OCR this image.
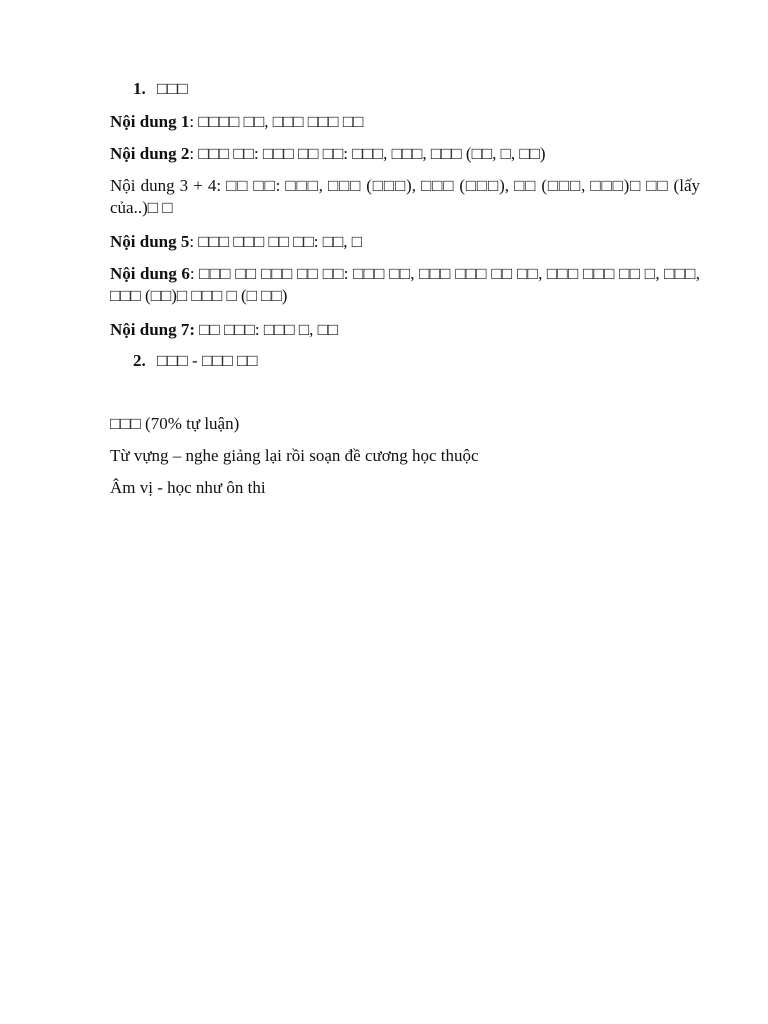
1. □□□
Nội dung 1: □□□□ □□, □□□ □□□ □□
Nội dung 2: □□□ □□: □□□ □□ □□: □□□, □□□, □□□ (□□, □, □□)
Nội dung 3 + 4: □□ □□: □□□, □□□ (□□□), □□□ (□□□), □□ (□□□, □□□)□ □□ (lấy của..)□ □
Nội dung 5: □□□ □□□ □□ □□: □□, □
Nội dung 6: □□□ □□ □□□ □□ □□: □□□ □□, □□□ □□□ □□ □□, □□□ □□□ □□ □, □□□, □□□ (□□)□ □□□ □ (□ □□)
Nội dung 7: □□ □□□: □□□ □, □□
2. □□□ - □□□ □□
□□□ (70% tự luận)
Từ vựng – nghe giảng lại rồi soạn đề cương học thuộc
Âm vị - học như ôn thi
